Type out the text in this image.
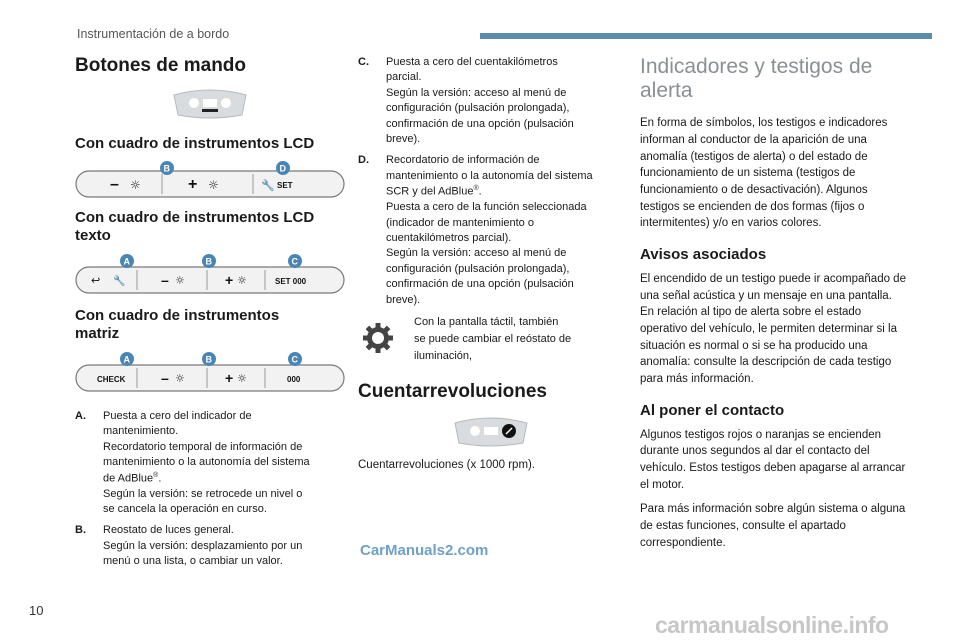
Instrumentación de a bordo
Botones de mando
Con cuadro de instrumentos LCD
– ☼	+ ☼	🔧 SET
B	D
Con cuadro de instrumentos LCD
texto
↩ 🔧	– ☼	+ ☼	SET 000
A	B	C
Con cuadro de instrumentos
matriz
CHECK	– ☼	+ ☼	000
A	B	C
A.	Puesta a cero del indicador de
mantenimiento.
Recordatorio temporal de información de
mantenimiento o la autonomía del sistema
de AdBlue®.
Según la versión: se retrocede un nivel o
se cancela la operación en curso.
B.	Reostato de luces general.
Según la versión: desplazamiento por un
menú o una lista, o cambiar un valor.
C.	Puesta a cero del cuentakilómetros
parcial.
Según la versión: acceso al menú de
configuración (pulsación prolongada),
confirmación de una opción (pulsación
breve).
D.	Recordatorio de información de
mantenimiento o la autonomía del sistema
SCR y del AdBlue®.
Puesta a cero de la función seleccionada
(indicador de mantenimiento o
cuentakilómetros parcial).
Según la versión: acceso al menú de
configuración (pulsación prolongada),
confirmación de una opción (pulsación
breve).
Con la pantalla táctil, también
se puede cambiar el reóstato de
iluminación,
Cuentarrevoluciones

Cuentarrevoluciones (x 1000 rpm).

Indicadores y testigos de
alerta

En forma de símbolos, los testigos e indicadores informan al conductor de la aparición de una anomalía (testigos de alerta) o del estado de funcionamiento de un sistema (testigos de funcionamiento o de desactivación). Algunos testigos se encienden de dos formas (fijos o intermitentes) y/o en varios colores.

Avisos asociados

El encendido de un testigo puede ir acompañado de una señal acústica y un mensaje en una pantalla.

En relación al tipo de alerta sobre el estado operativo del vehículo, le permiten determinar si la situación es normal o si se ha producido una anomalía: consulte la descripción de cada testigo para más información.

Al poner el contacto

Algunos testigos rojos o naranjas se encienden durante unos segundos al dar el contacto del vehículo. Estos testigos deben apagarse al arrancar el motor.

Para más información sobre algún sistema o alguna de estas funciones, consulte el apartado correspondiente.

CarManuals2.com
carmanualsonline.info
10
